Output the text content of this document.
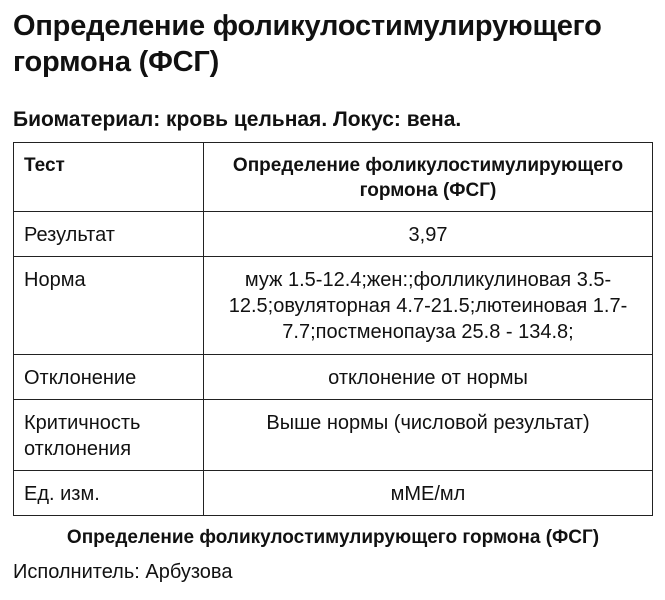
Определение фоликулостимулирующего
гормона (ФСГ)
Биоматериал: кровь цельная. Локус: вена.
Тест	Определение фоликулостимулирующего гормона (ФСГ)
Результат	3,97
Норма	муж 1.5-12.4;жен:;фолликулиновая 3.5-12.5;овуляторная 4.7-21.5;лютеиновая 1.7-7.7;постменопауза 25.8 - 134.8;
Отклонение	отклонение от нормы
Критичность отклонения	Выше нормы (числовой результат)
Ед. изм.	мМЕ/мл
Определение фоликулостимулирующего гормона (ФСГ)
Исполнитель: Арбузова
